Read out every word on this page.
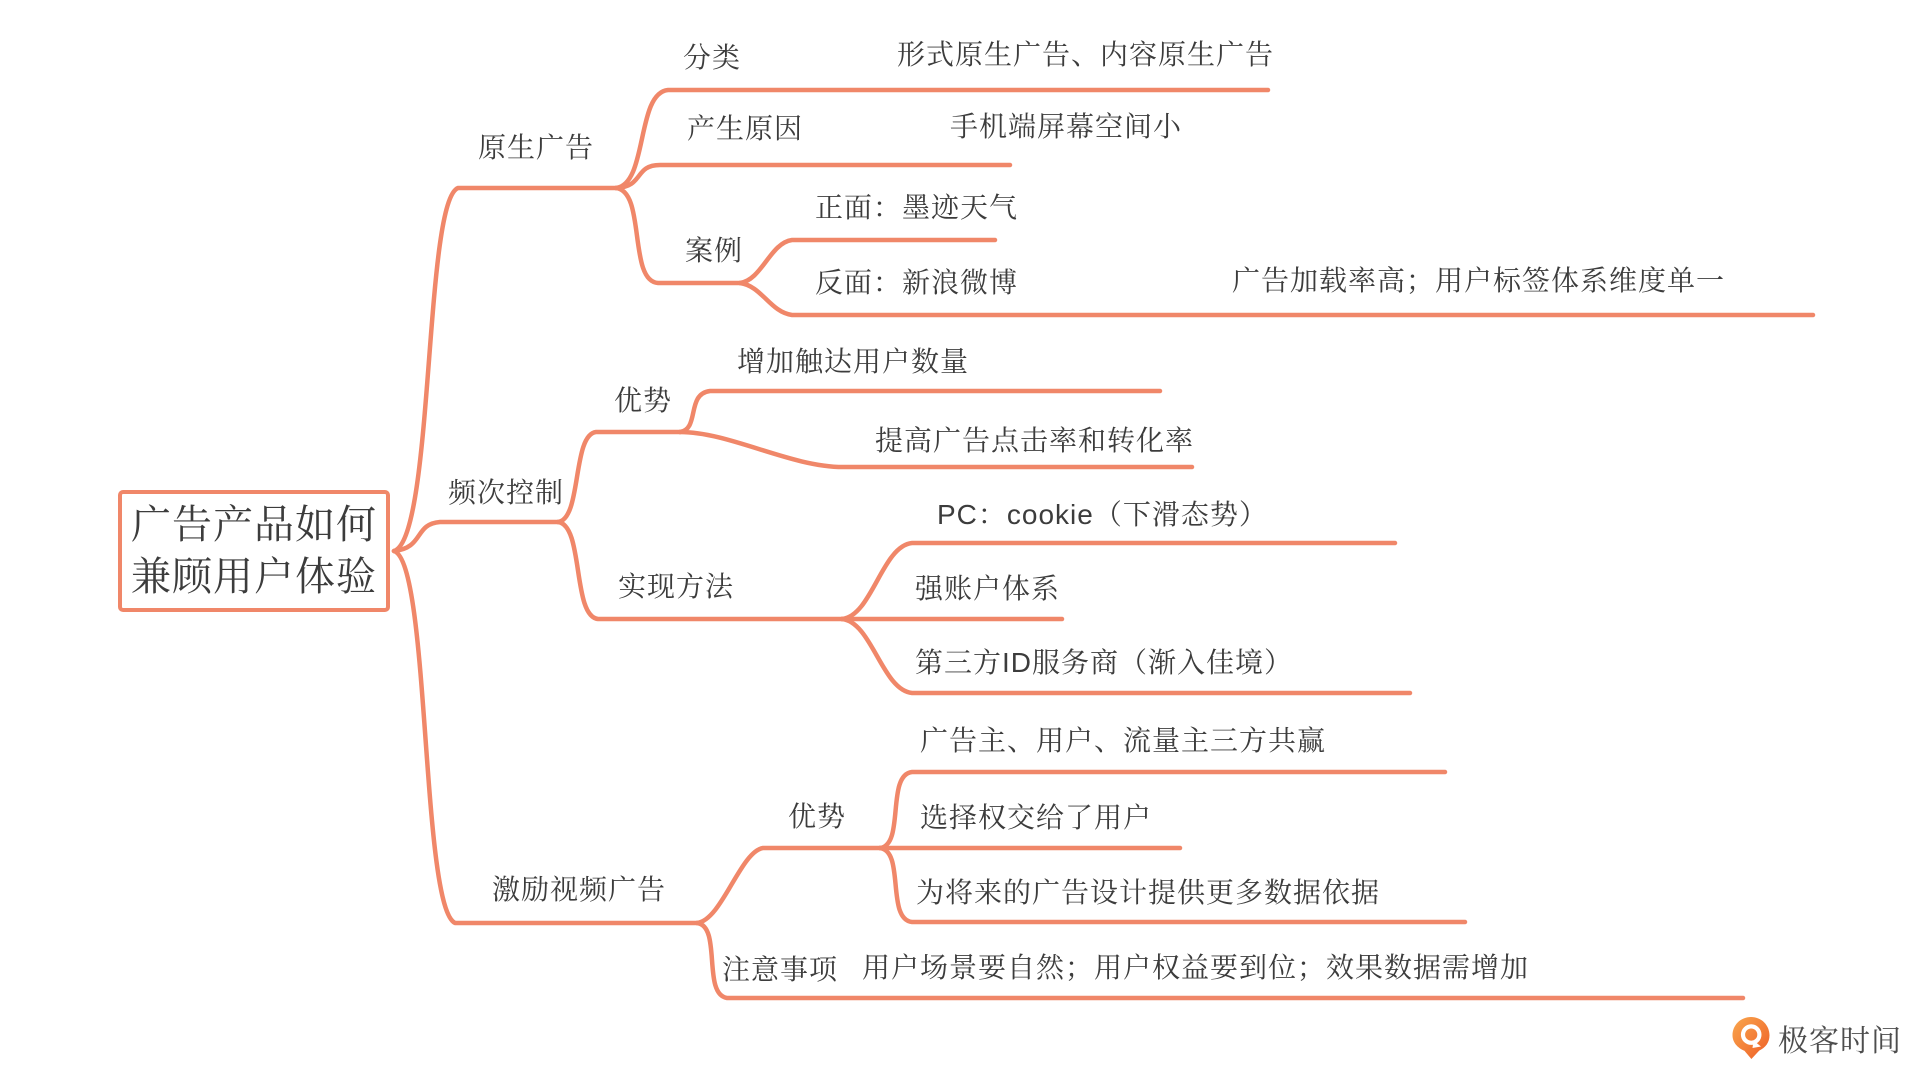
广告产品如何
兼顾用户体验
原生广告
分类	形式原生广告、内容原生广告
产生原因	手机端屏幕空间小
案例
正面：墨迹天气
反面：新浪微博	广告加载率高；用户标签体系维度单一
频次控制
优势
增加触达用户数量
提高广告点击率和转化率
实现方法
PC：cookie（下滑态势）
强账户体系
第三方ID服务商（渐入佳境）
激励视频广告
优势
广告主、用户、流量主三方共赢
选择权交给了用户
为将来的广告设计提供更多数据依据
注意事项 用户场景要自然；用户权益要到位；效果数据需增加
极客时间
